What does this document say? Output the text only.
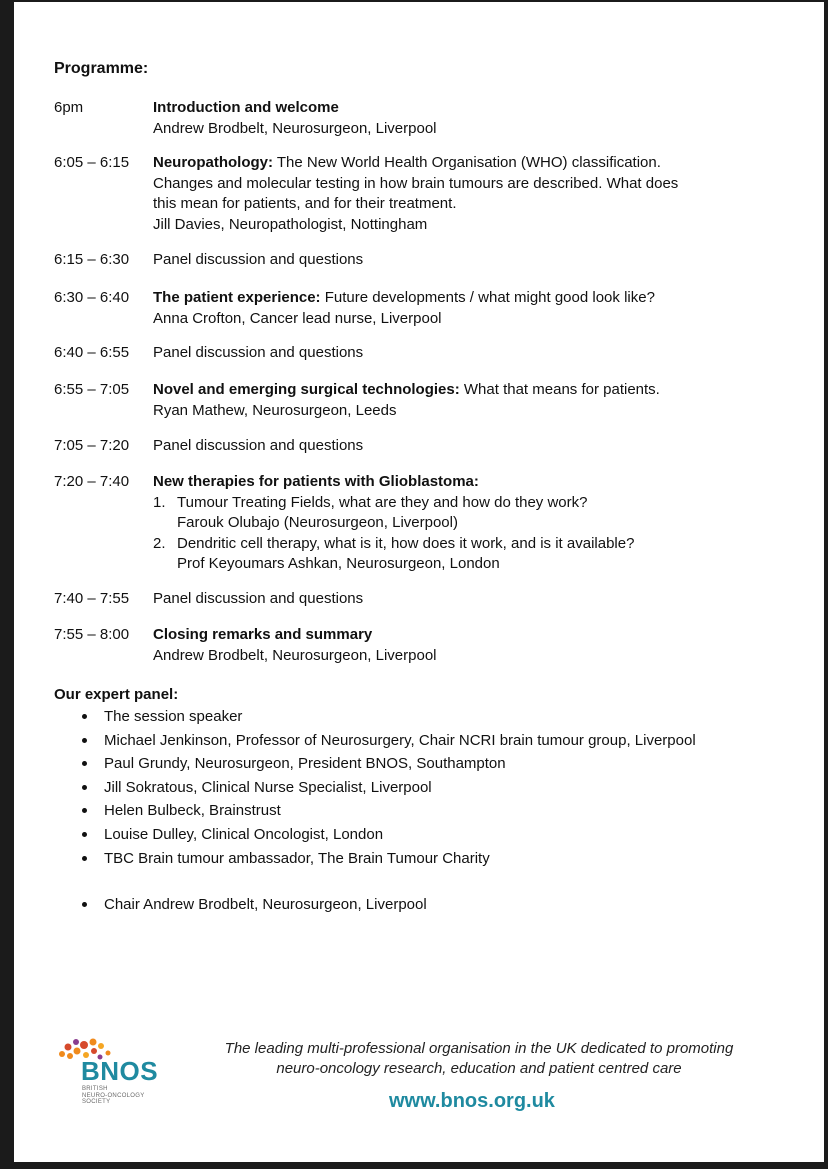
Programme:
6pm	Introduction and welcome
Andrew Brodbelt, Neurosurgeon, Liverpool
6:05 – 6:15	Neuropathology: The New World Health Organisation (WHO) classification.
Changes and molecular testing in how brain tumours are described. What does
this mean for patients, and for their treatment.
Jill Davies, Neuropathologist, Nottingham
6:15 – 6:30	Panel discussion and questions
6:30 – 6:40	The patient experience: Future developments / what might good look like?
Anna Crofton, Cancer lead nurse, Liverpool
6:40 – 6:55	Panel discussion and questions
6:55 – 7:05	Novel and emerging surgical technologies: What that means for patients.
Ryan Mathew, Neurosurgeon, Leeds
7:05 – 7:20	Panel discussion and questions
7:20 – 7:40	New therapies for patients with Glioblastoma:
1. Tumour Treating Fields, what are they and how do they work?
Farouk Olubajo (Neurosurgeon, Liverpool)
2. Dendritic cell therapy, what is it, how does it work, and is it available?
Prof Keyoumars Ashkan, Neurosurgeon, London
7:40 – 7:55	Panel discussion and questions
7:55 – 8:00	Closing remarks and summary
Andrew Brodbelt, Neurosurgeon, Liverpool
Our expert panel:
The session speaker
Michael Jenkinson, Professor of Neurosurgery, Chair NCRI brain tumour group, Liverpool
Paul Grundy, Neurosurgeon, President BNOS, Southampton
Jill Sokratous, Clinical Nurse Specialist, Liverpool
Helen Bulbeck, Brainstrust
Louise Dulley, Clinical Oncologist, London
TBC Brain tumour ambassador, The Brain Tumour Charity
Chair Andrew Brodbelt, Neurosurgeon, Liverpool
BNOS
BRITISH
NEURO-ONCOLOGY
SOCIETY
The leading multi-professional organisation in the UK dedicated to promoting
neuro-oncology research, education and patient centred care
www.bnos.org.uk
